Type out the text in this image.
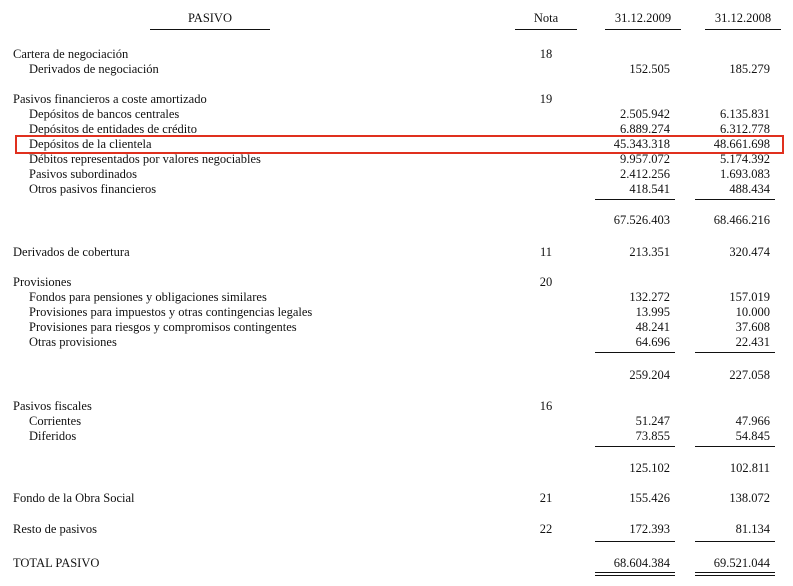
PASIVO	Nota	31.12.2009	31.12.2008
Cartera de negociación	18
Derivados de negociación	152.505	185.279
Pasivos financieros a coste amortizado	19
Depósitos de bancos centrales	2.505.942	6.135.831
Depósitos de entidades de crédito	6.889.274	6.312.778
Depósitos de la clientela	45.343.318	48.661.698
Débitos representados por valores negociables	9.957.072	5.174.392
Pasivos subordinados	2.412.256	1.693.083
Otros pasivos financieros	418.541	488.434
67.526.403	68.466.216
Derivados de cobertura	11	213.351	320.474
Provisiones	20
Fondos para pensiones y obligaciones similares	132.272	157.019
Provisiones para impuestos y otras contingencias legales	13.995	10.000
Provisiones para riesgos y compromisos contingentes	48.241	37.608
Otras provisiones	64.696	22.431
259.204	227.058
Pasivos fiscales	16
Corrientes	51.247	47.966
Diferidos	73.855	54.845
125.102	102.811
Fondo de la Obra Social	21	155.426	138.072
Resto de pasivos	22	172.393	81.134
TOTAL PASIVO	68.604.384	69.521.044
